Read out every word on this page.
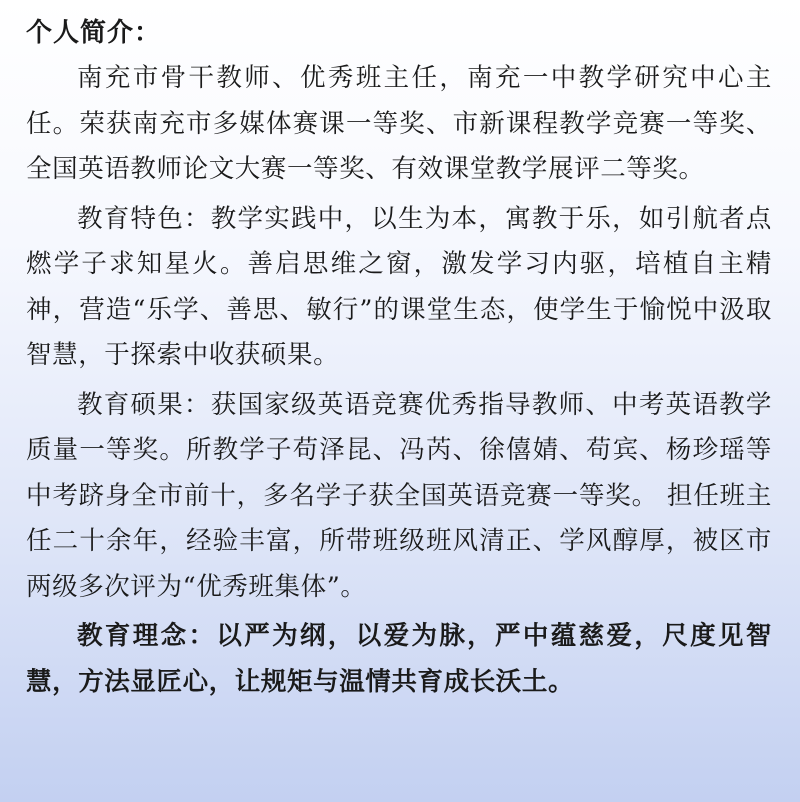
个人简介：

南充市骨干教师、优秀班主任，南充一中教学研究中心主任。荣获南充市多媒体赛课一等奖、市新课程教学竞赛一等奖、全国英语教师论文大赛一等奖、有效课堂教学展评二等奖。

教育特色：教学实践中，以生为本，寓教于乐，如引航者点燃学子求知星火。善启思维之窗，激发学习内驱，培植自主精神，营造“乐学、善思、敏行”的课堂生态，使学生于愉悦中汲取智慧，于探索中收获硕果。

教育硕果：获国家级英语竞赛优秀指导教师、中考英语教学质量一等奖。所教学子苟泽昆、冯芮、徐僖婧、苟宾、杨珍瑶等中考跻身全市前十，多名学子获全国英语竞赛一等奖。 担任班主任二十余年，经验丰富，所带班级班风清正、学风醇厚，被区市两级多次评为“优秀班集体”。

教育理念：以严为纲，以爱为脉，严中蕴慈爱，尺度见智慧，方法显匠心，让规矩与温情共育成长沃土。
